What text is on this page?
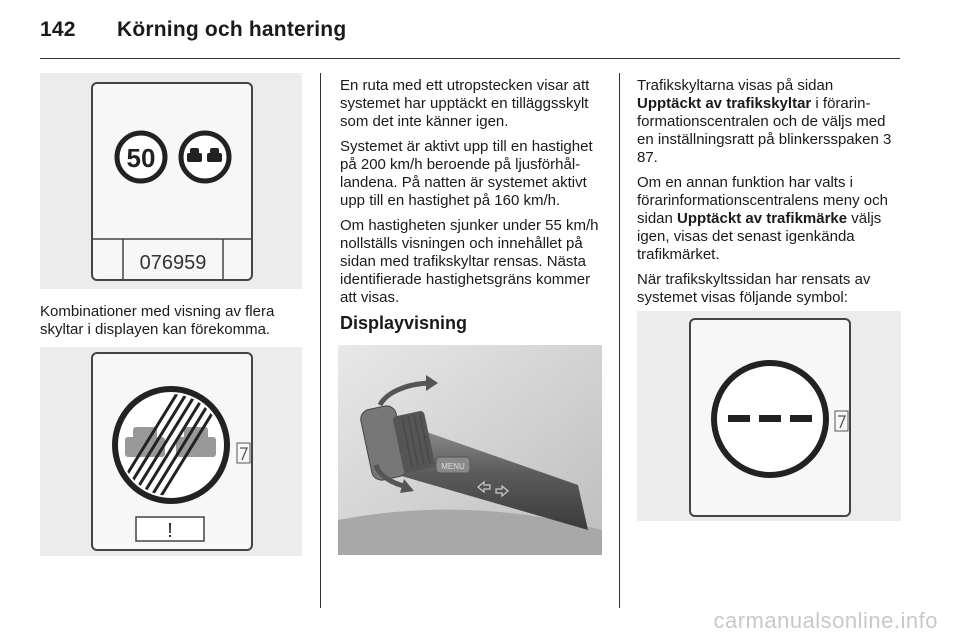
142 Körning och hantering
50
076959

Kombinationer med visning av flera skyltar i displayen kan förekomma.

!

En ruta med ett utropstecken visar att systemet har upptäckt en tilläggsskylt som det inte känner igen.

Systemet är aktivt upp till en hastighet på 200 km/h beroende på ljusförhållandena. På natten är systemet aktivt upp till en hastighet på 160 km/h.

Om hastigheten sjunker under 55 km/h nollställs visningen och innehållet på sidan med trafikskyltar rensas. Nästa identifierade hastighetsgräns kommer att visas.

Displayvisning

MENU

Trafikskyltarna visas på sidan Upptäckt av trafikskyltar i förarinformationscentralen och de väljs med en inställningsratt på blinkersspaken 3 87.

Om en annan funktion har valts i förarinformationscentralens meny och sidan Upptäckt av trafikmärke väljs igen, visas det senast igenkända trafikmärket.

När trafikskyltssidan har rensats av systemet visas följande symbol:

carmanualsonline.info
